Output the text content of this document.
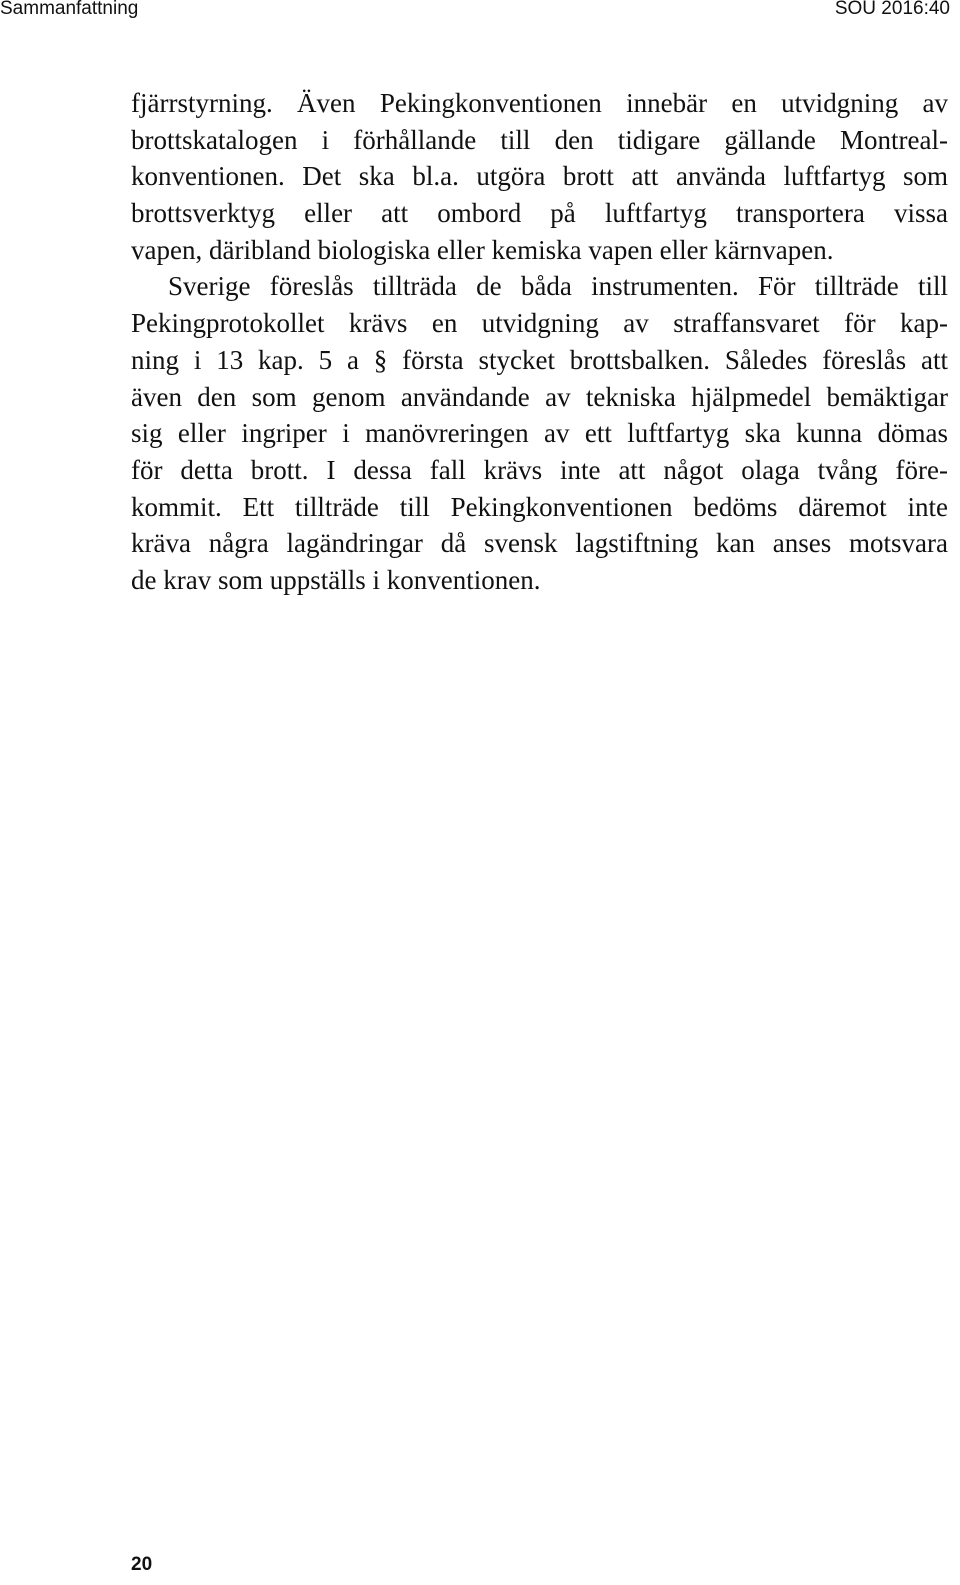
Sammanfattning	SOU 2016:40
fjärrstyrning. Även Pekingkonventionen innebär en utvidgning av
brottskatalogen i förhållande till den tidigare gällande Montreal-
konventionen. Det ska bl.a. utgöra brott att använda luftfartyg som
brottsverktyg eller att ombord på luftfartyg transportera vissa
vapen, däribland biologiska eller kemiska vapen eller kärnvapen.
Sverige föreslås tillträda de båda instrumenten. För tillträde till
Pekingprotokollet krävs en utvidgning av straffansvaret för kap-
ning i 13 kap. 5 a § första stycket brottsbalken. Således föreslås att
även den som genom användande av tekniska hjälpmedel bemäktigar
sig eller ingriper i manövreringen av ett luftfartyg ska kunna dömas
för detta brott. I dessa fall krävs inte att något olaga tvång före-
kommit. Ett tillträde till Pekingkonventionen bedöms däremot inte
kräva några lagändringar då svensk lagstiftning kan anses motsvara
de krav som uppställs i konventionen.
20
